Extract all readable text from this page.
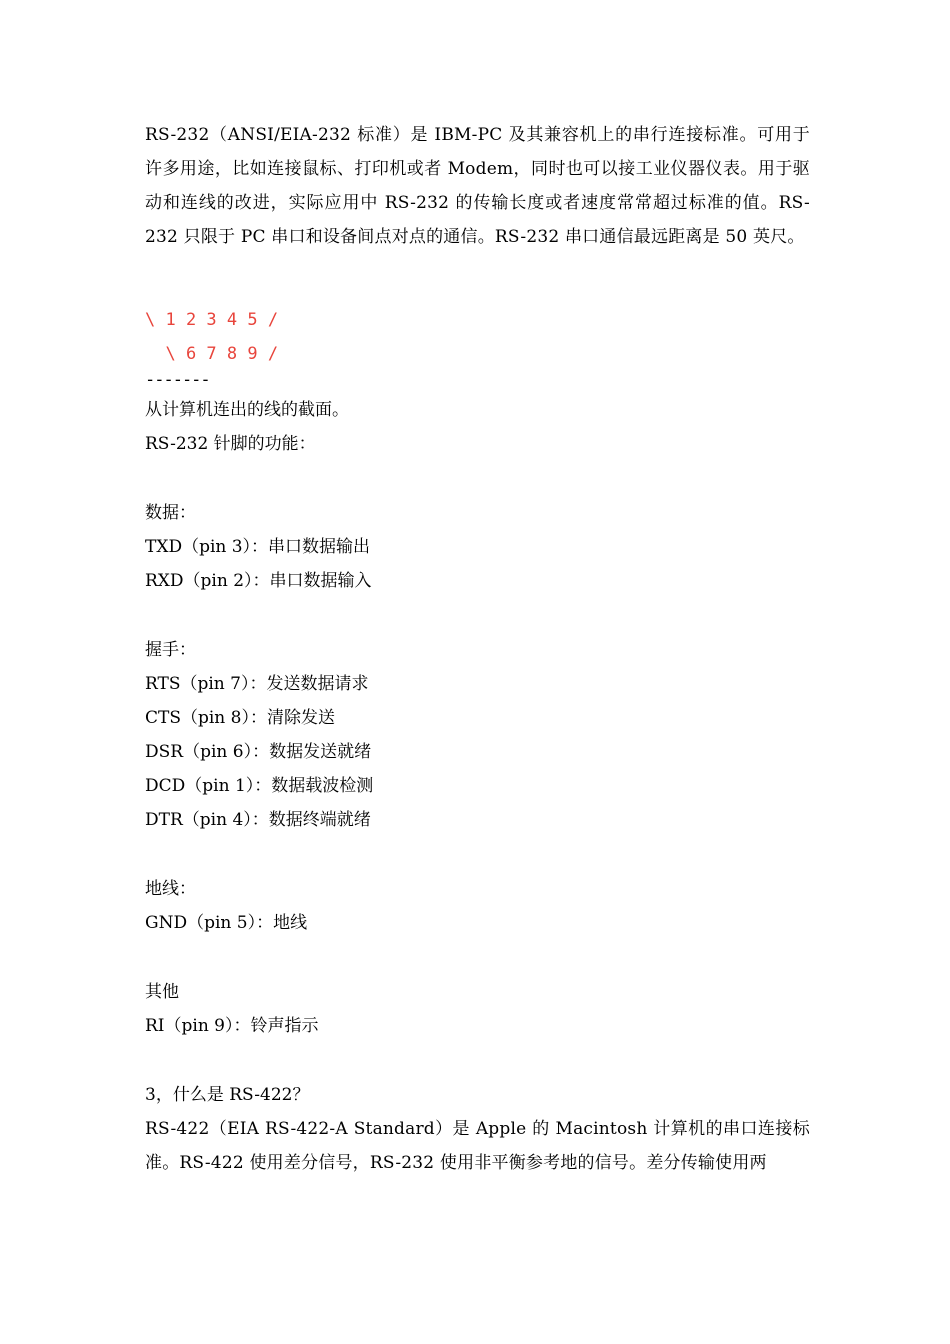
RS-232（ANSI/EIA-232 标准）是 IBM-PC 及其兼容机上的串行连接标准。可用于许多用途，比如连接鼠标、打印机或者 Modem，同时也可以接工业仪器仪表。用于驱动和连线的改进，实际应用中 RS-232 的传输长度或者速度常常超过标准的值。RS-232 只限于 PC 串口和设备间点对点的通信。RS-232 串口通信最远距离是 50 英尺。

\ 1 2 3 4 5 /
\ 6 7 8 9 /
-------
从计算机连出的线的截面。
RS-232 针脚的功能：
数据：
TXD（pin 3）：串口数据输出
RXD（pin 2）：串口数据输入
握手：
RTS（pin 7）：发送数据请求
CTS（pin 8）：清除发送
DSR（pin 6）：数据发送就绪
DCD（pin 1）：数据载波检测
DTR（pin 4）：数据终端就绪
地线：
GND（pin 5）：地线
其他
RI（pin 9）：铃声指示
3，什么是 RS-422？

RS-422（EIA RS-422-A Standard）是 Apple 的 Macintosh 计算机的串口连接标准。RS-422 使用差分信号，RS-232 使用非平衡参考地的信号。差分传输使用两
